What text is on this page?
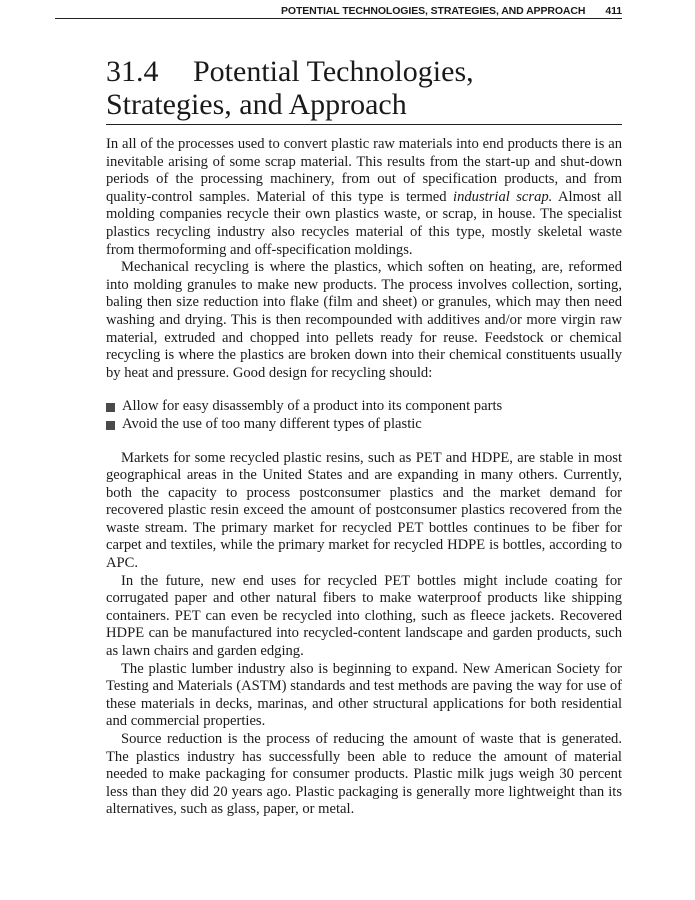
POTENTIAL TECHNOLOGIES, STRATEGIES, AND APPROACH 411
31.4 Potential Technologies,
Strategies, and Approach

In all of the processes used to convert plastic raw materials into end products there is an inevitable arising of some scrap material. This results from the start-up and shut-down periods of the processing machinery, from out of specification products, and from quality-control samples. Material of this type is termed industrial scrap. Almost all molding companies recycle their own plastics waste, or scrap, in house. The specialist plastics recycling industry also recycles material of this type, mostly skeletal waste from thermoforming and off-specification moldings.

Mechanical recycling is where the plastics, which soften on heating, are, reformed into molding granules to make new products. The process involves collection, sorting, baling then size reduction into flake (film and sheet) or granules, which may then need washing and drying. This is then recompounded with additives and/or more virgin raw material, extruded and chopped into pellets ready for reuse. Feedstock or chemical recycling is where the plastics are broken down into their chemical constituents usually by heat and pressure. Good design for recycling should:

Allow for easy disassembly of a product into its component parts
Avoid the use of too many different types of plastic

Markets for some recycled plastic resins, such as PET and HDPE, are stable in most geographical areas in the United States and are expanding in many others. Currently, both the capacity to process postconsumer plastics and the market demand for recovered plastic resin exceed the amount of postconsumer plastics recovered from the waste stream. The primary market for recycled PET bottles continues to be fiber for carpet and textiles, while the primary market for recycled HDPE is bottles, according to APC.

In the future, new end uses for recycled PET bottles might include coating for corrugated paper and other natural fibers to make waterproof products like shipping containers. PET can even be recycled into clothing, such as fleece jackets. Recovered HDPE can be manufactured into recycled-content landscape and garden products, such as lawn chairs and garden edging.

The plastic lumber industry also is beginning to expand. New American Society for Testing and Materials (ASTM) standards and test methods are paving the way for use of these materials in decks, marinas, and other structural applications for both residential and commercial properties.

Source reduction is the process of reducing the amount of waste that is generated. The plastics industry has successfully been able to reduce the amount of material needed to make packaging for consumer products. Plastic milk jugs weigh 30 percent less than they did 20 years ago. Plastic packaging is generally more lightweight than its alternatives, such as glass, paper, or metal.
